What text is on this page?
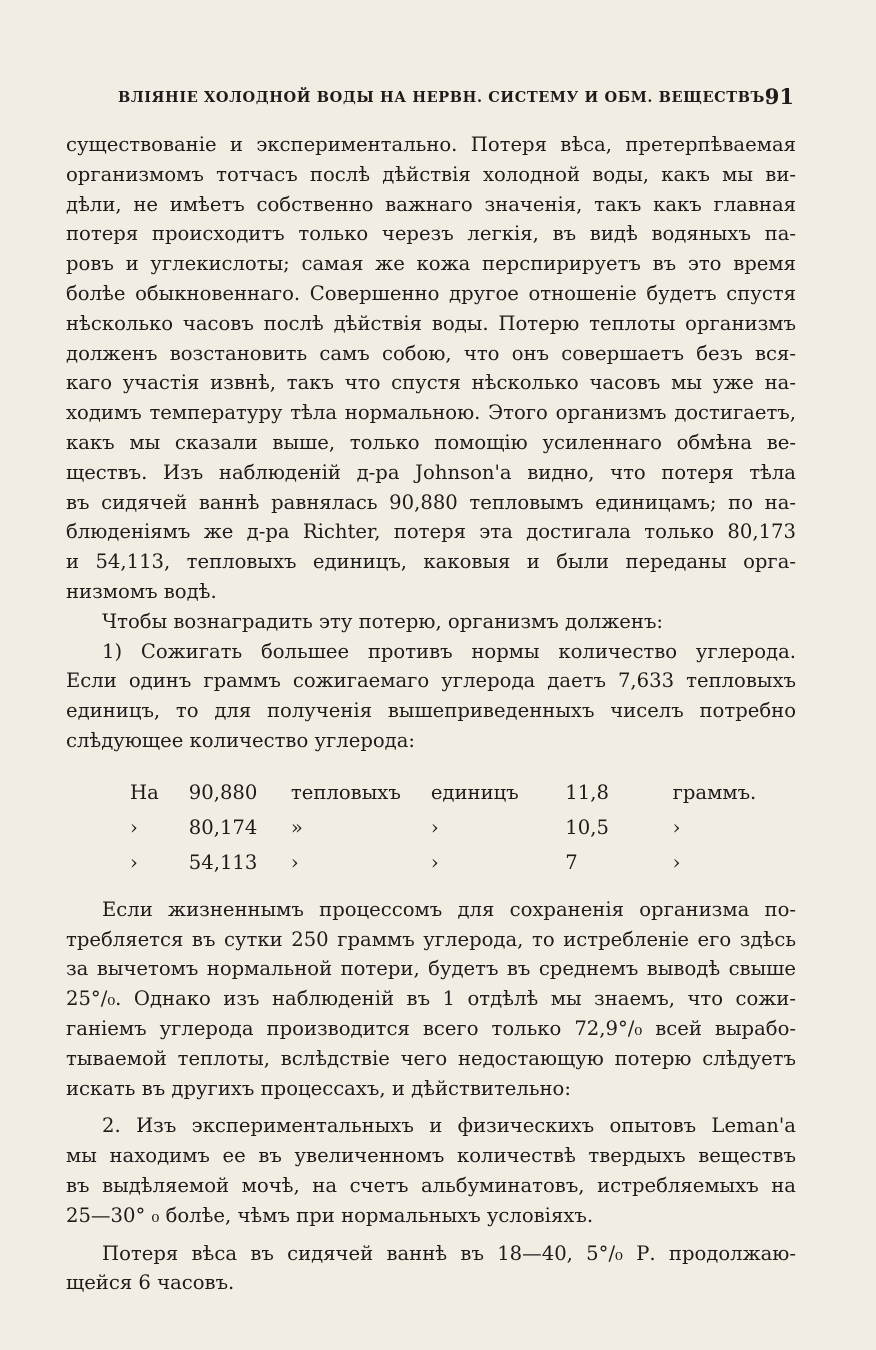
ВЛІЯНІЕ ХОЛОДНОЙ ВОДЫ НА НЕРВН. СИСТЕМУ И ОБМ. ВЕЩЕСТВЪ.
91

существованіе и экспериментально. Потеря вѣса, претерпѣваемая

организмомъ тотчасъ послѣ дѣйствія холодной воды, какъ мы ви-

дѣли, не имѣетъ собственно важнаго значенія, такъ какъ главная

потеря происходитъ только черезъ легкія, въ видѣ водяныхъ па-

ровъ и углекислоты; самая же кожа перспирируетъ въ это время

болѣе обыкновеннаго. Совершенно другое отношеніе будетъ спустя

нѣсколько часовъ послѣ дѣйствія воды. Потерю теплоты организмъ

долженъ возстановить самъ собою, что онъ совершаетъ безъ вся-

каго участія извнѣ, такъ что спустя нѣсколько часовъ мы уже на-

ходимъ температуру тѣла нормальною. Этого организмъ достигаетъ,

какъ мы сказали выше, только помощію усиленнаго обмѣна ве-

ществъ. Изъ наблюденій д-ра Johnson'a видно, что потеря тѣла

въ сидячей ваннѣ равнялась 90,880 тепловымъ единицамъ; по на-

блюденіямъ же д-ра Richter, потеря эта достигала только 80,173

и 54,113, тепловыхъ единицъ, каковыя и были переданы орга-

низмомъ водѣ.

Чтобы вознаградить эту потерю, организмъ долженъ:

1) Сожигать большее противъ нормы количество углерода.

Если одинъ граммъ сожигаемаго углерода даетъ 7,633 тепловыхъ

единицъ, то для полученія вышеприведенныхъ чиселъ потребно

слѣдующее количество углерода:

На	90,880	тепловыхъ	единицъ	11,8	граммъ.
›	80,174	»	›	10,5	›
›	54,113	›	›	7	›

Если жизненнымъ процессомъ для сохраненія организма по-

требляется въ сутки 250 граммъ углерода, то истребленіе его здѣсь

за вычетомъ нормальной потери, будетъ въ среднемъ выводѣ свыше

25°/₀. Однако изъ наблюденій въ 1 отдѣлѣ мы знаемъ, что сожи-

ганіемъ углерода производится всего только 72,9°/₀ всей вырабо-

тываемой теплоты, вслѣдствіе чего недостающую потерю слѣдуетъ

искать въ другихъ процессахъ, и дѣйствительно:

2. Изъ экспериментальныхъ и физическихъ опытовъ Leman'a

мы находимъ ее въ увеличенномъ количествѣ твердыхъ веществъ

въ выдѣляемой мочѣ, на счетъ альбуминатовъ, истребляемыхъ на

25—30° ₀ болѣе, чѣмъ при нормальныхъ условіяхъ.

Потеря вѣса въ сидячей ваннѣ въ 18—40, 5°/₀ Р. продолжаю-

щейся 6 часовъ.
